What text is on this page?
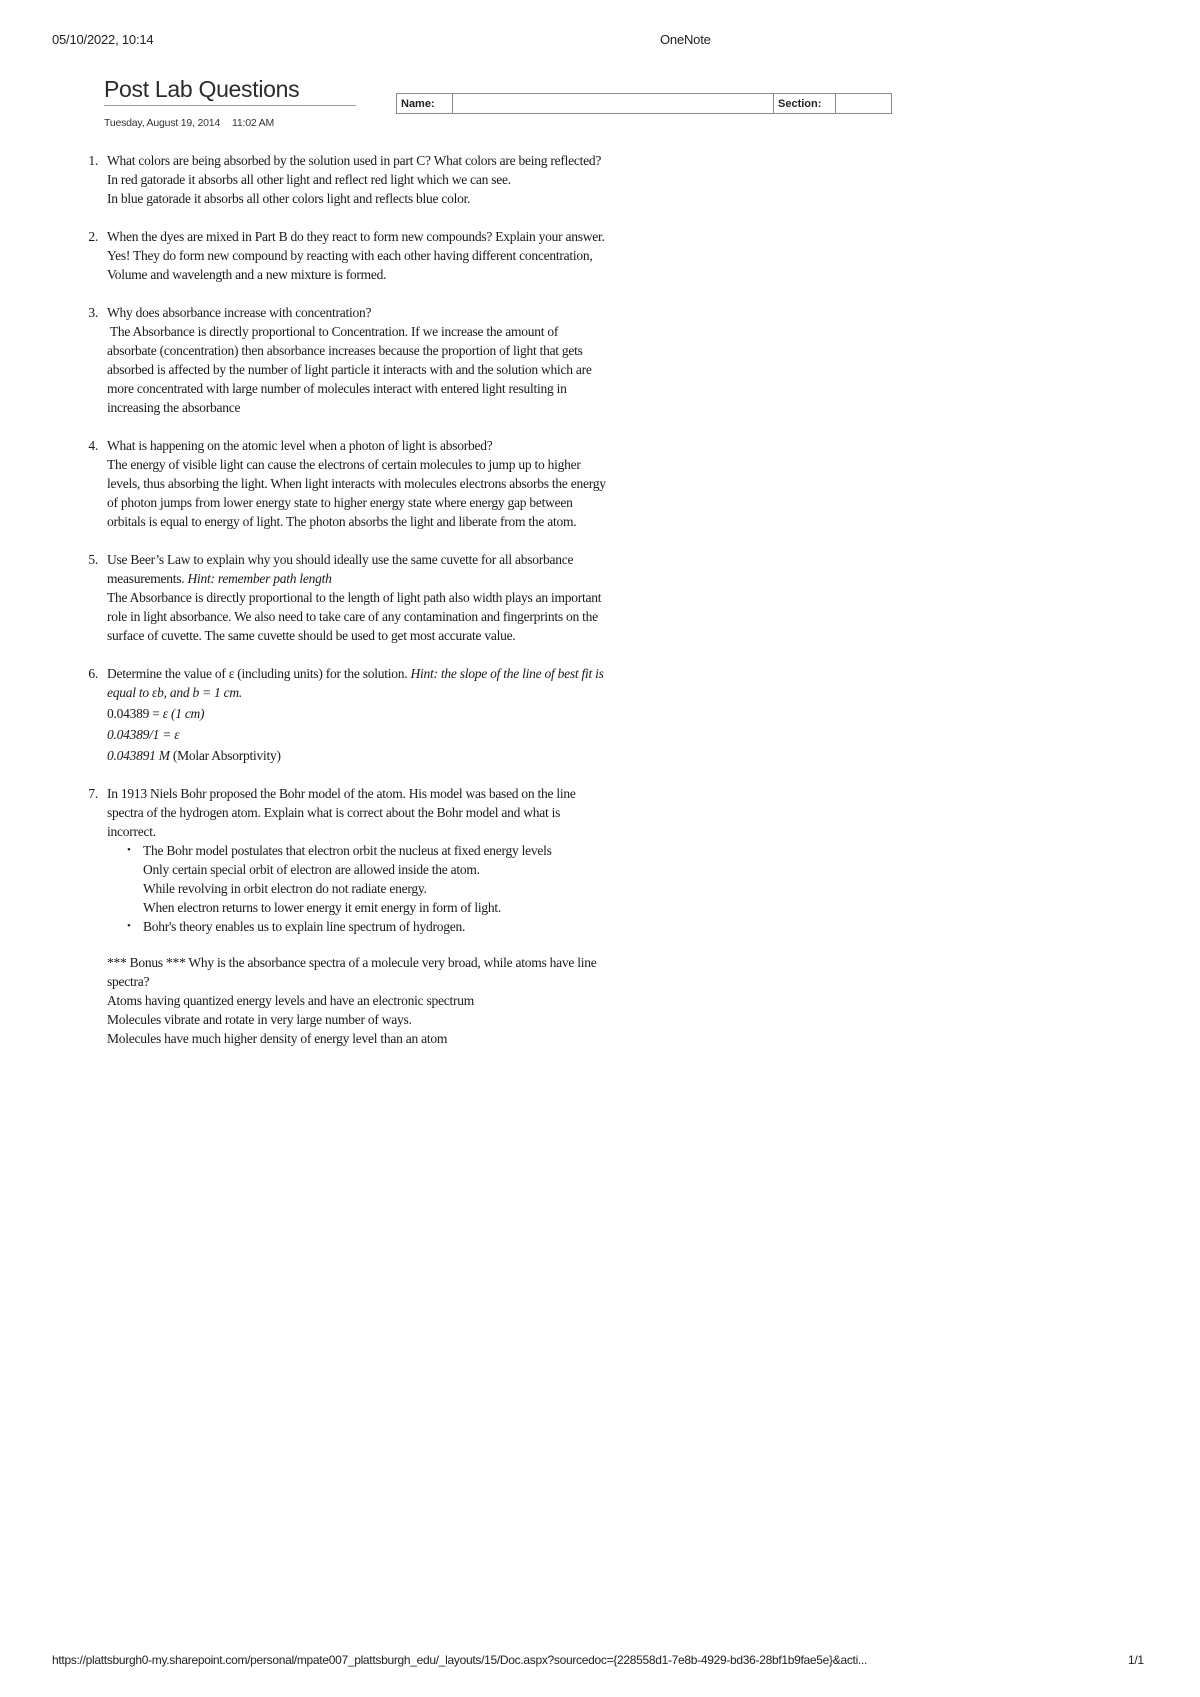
05/10/2022, 10:14	OneNote
Post Lab Questions
Tuesday, August 19, 2014 11:02 AM
Name:		Section:	
1. What colors are being absorbed by the solution used in part C? What colors are being reflected?
In red gatorade it absorbs all other light and reflect red light which we can see.
In blue gatorade it absorbs all other colors light and reflects blue color.
2. When the dyes are mixed in Part B do they react to form new compounds? Explain your answer.
Yes! They do form new compound by reacting with each other having different concentration,
Volume and wavelength and a new mixture is formed.
3. Why does absorbance increase with concentration?
The Absorbance is directly proportional to Concentration. If we increase the amount of
absorbate (concentration) then absorbance increases because the proportion of light that gets
absorbed is affected by the number of light particle it interacts with and the solution which are
more concentrated with large number of molecules interact with entered light resulting in
increasing the absorbance
4. What is happening on the atomic level when a photon of light is absorbed?
The energy of visible light can cause the electrons of certain molecules to jump up to higher
levels, thus absorbing the light. When light interacts with molecules electrons absorbs the energy
of photon jumps from lower energy state to higher energy state where energy gap between
orbitals is equal to energy of light. The photon absorbs the light and liberate from the atom.
5. Use Beer’s Law to explain why you should ideally use the same cuvette for all absorbance
measurements. Hint: remember path length
The Absorbance is directly proportional to the length of light path also width plays an important
role in light absorbance. We also need to take care of any contamination and fingerprints on the
surface of cuvette. The same cuvette should be used to get most accurate value.
6. Determine the value of ε (including units) for the solution. Hint: the slope of the line of best fit is
equal to εb, and b = 1 cm.
0.04389 = ε (1 cm)
0.04389/1 = ε
0.043891 M (Molar Absorptivity)
7. In 1913 Niels Bohr proposed the Bohr model of the atom. His model was based on the line
spectra of the hydrogen atom. Explain what is correct about the Bohr model and what is
incorrect.
• The Bohr model postulates that electron orbit the nucleus at fixed energy levels
Only certain special orbit of electron are allowed inside the atom.
While revolving in orbit electron do not radiate energy.
When electron returns to lower energy it emit energy in form of light.
• Bohr's theory enables us to explain line spectrum of hydrogen.
*** Bonus *** Why is the absorbance spectra of a molecule very broad, while atoms have line
spectra?
Atoms having quantized energy levels and have an electronic spectrum
Molecules vibrate and rotate in very large number of ways.
Molecules have much higher density of energy level than an atom
https://plattsburgh0-my.sharepoint.com/personal/mpate007_plattsburgh_edu/_layouts/15/Doc.aspx?sourcedoc={228558d1-7e8b-4929-bd36-28bf1b9fae5e}&acti...	1/1
